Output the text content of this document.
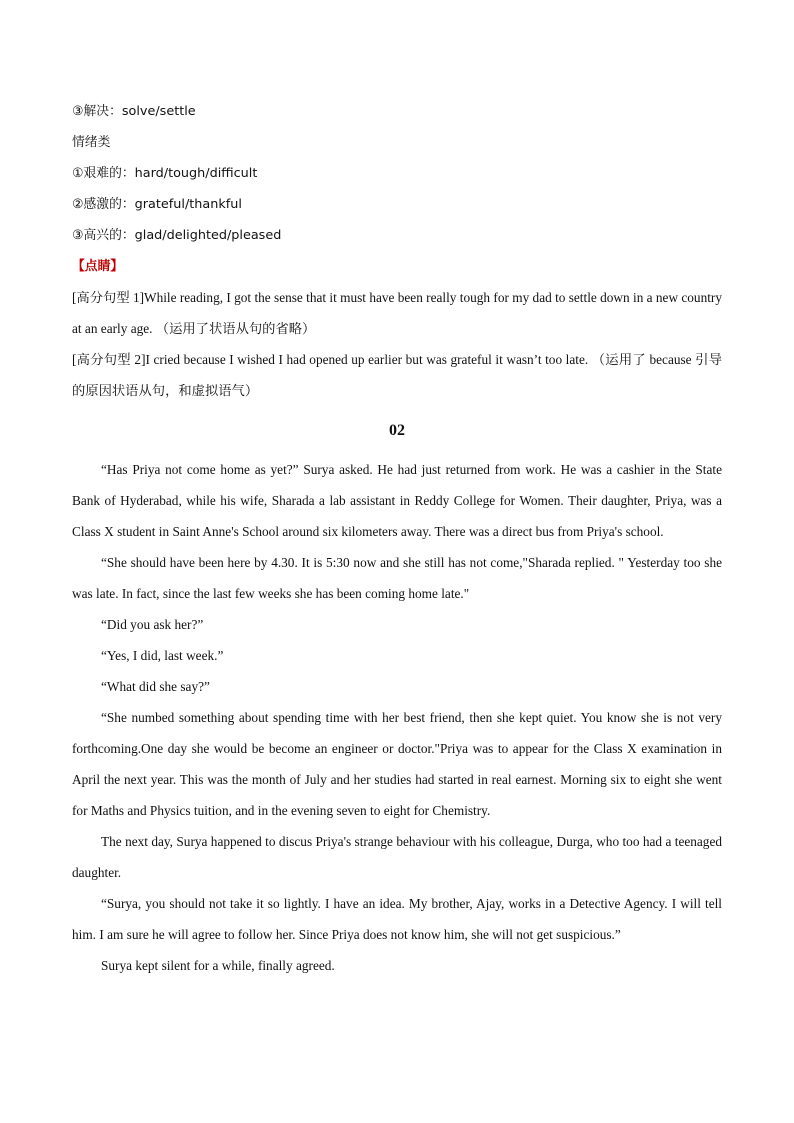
③解决：solve/settle

情绪类

①艰难的：hard/tough/difficult

②感激的：grateful/thankful

③高兴的：glad/delighted/pleased

【点睛】

[高分句型 1]While reading, I got the sense that it must have been really tough for my dad to settle down in a new country at an early age. （运用了状语从句的省略）

[高分句型 2]I cried because I wished I had opened up earlier but was grateful it wasn’t too late. （运用了 because 引导的原因状语从句，和虚拟语气）

02

“Has Priya not come home as yet?” Surya asked. He had just returned from work. He was a cashier in the State Bank of Hyderabad, while his wife, Sharada a lab assistant in Reddy College for Women. Their daughter, Priya, was a Class X student in Saint Anne's School around six kilometers away. There was a direct bus from Priya's school.

“She should have been here by 4.30. It is 5:30 now and she still has not come,"Sharada replied. " Yesterday too she was late. In fact, since the last few weeks she has been coming home late."

“Did you ask her?”

“Yes, I did, last week.”

“What did she say?”

“She numbed something about spending time with her best friend, then she kept quiet. You know she is not very forthcoming.One day she would be become an engineer or doctor."Priya was to appear for the Class X examination in April the next year. This was the month of July and her studies had started in real earnest. Morning six to eight she went for Maths and Physics tuition, and in the evening seven to eight for Chemistry.

The next day, Surya happened to discus Priya's strange behaviour with his colleague, Durga, who too had a teenaged daughter.

“Surya, you should not take it so lightly. I have an idea. My brother, Ajay, works in a Detective Agency. I will tell him. I am sure he will agree to follow her. Since Priya does not know him, she will not get suspicious.”

Surya kept silent for a while, finally agreed.
